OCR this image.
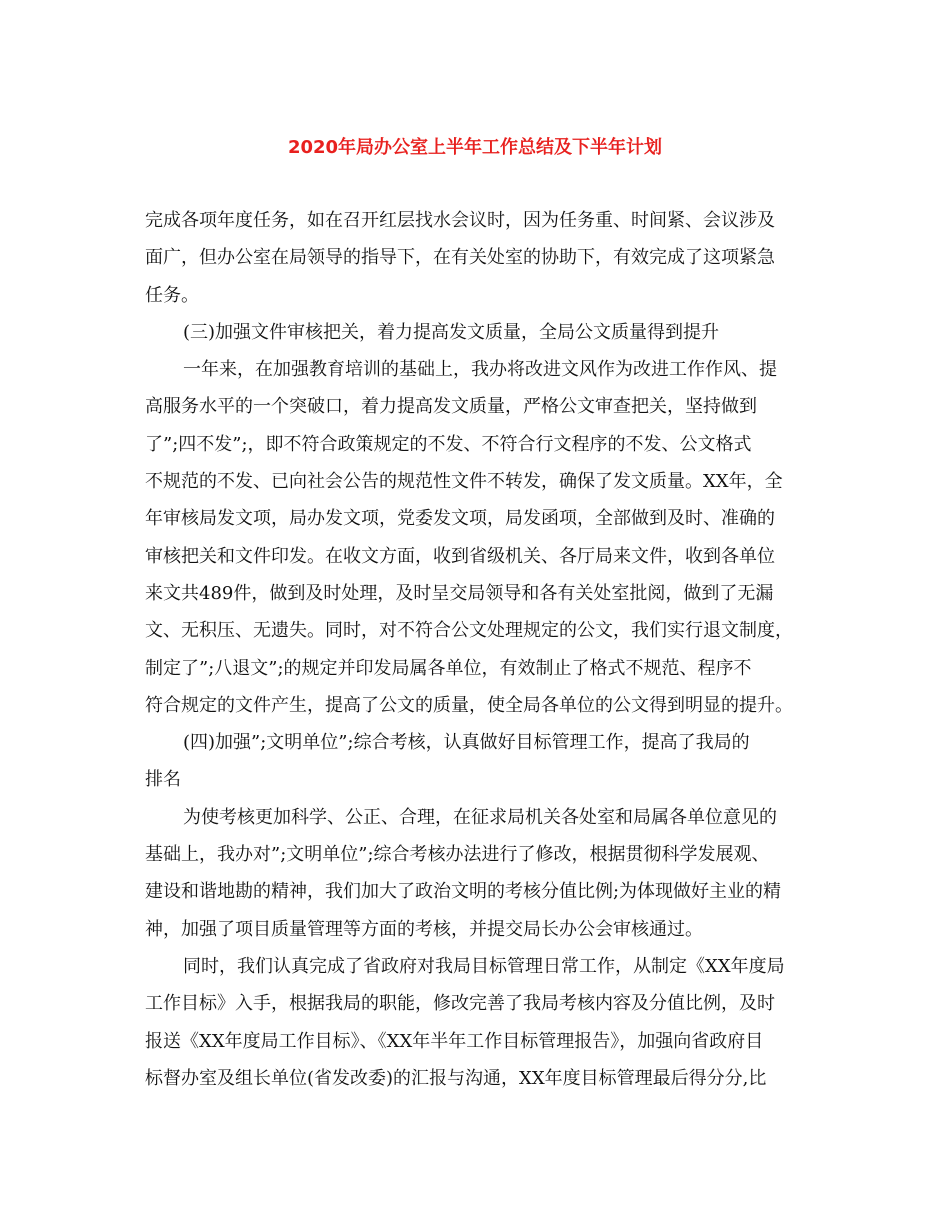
2020年局办公室上半年工作总结及下半年计划
完成各项年度任务，如在召开红层找水会议时，因为任务重、时间紧、会议涉及
面广，但办公室在局领导的指导下，在有关处室的协助下，有效完成了这项紧急
任务。
(三)加强文件审核把关，着力提高发文质量，全局公文质量得到提升
一年来，在加强教育培训的基础上，我办将改进文风作为改进工作作风、提
高服务水平的一个突破口，着力提高发文质量，严格公文审查把关，坚持做到
了”;四不发”;，即不符合政策规定的不发、不符合行文程序的不发、公文格式
不规范的不发、已向社会公告的规范性文件不转发，确保了发文质量。XX年，全
年审核局发文项，局办发文项，党委发文项，局发函项，全部做到及时、准确的
审核把关和文件印发。在收文方面，收到省级机关、各厅局来文件，收到各单位
来文共489件，做到及时处理，及时呈交局领导和各有关处室批阅，做到了无漏
文、无积压、无遗失。同时，对不符合公文处理规定的公文，我们实行退文制度，
制定了”;八退文”;的规定并印发局属各单位，有效制止了格式不规范、程序不
符合规定的文件产生，提高了公文的质量，使全局各单位的公文得到明显的提升。
(四)加强”;文明单位”;综合考核，认真做好目标管理工作，提高了我局的
排名
为使考核更加科学、公正、合理，在征求局机关各处室和局属各单位意见的
基础上，我办对”;文明单位”;综合考核办法进行了修改，根据贯彻科学发展观、
建设和谐地勘的精神，我们加大了政治文明的考核分值比例;为体现做好主业的精
神，加强了项目质量管理等方面的考核，并提交局长办公会审核通过。
同时，我们认真完成了省政府对我局目标管理日常工作，从制定《XX年度局
工作目标》入手，根据我局的职能，修改完善了我局考核内容及分值比例，及时
报送《XX年度局工作目标》、《XX年半年工作目标管理报告》，加强向省政府目
标督办室及组长单位(省发改委)的汇报与沟通，XX年度目标管理最后得分分,比
